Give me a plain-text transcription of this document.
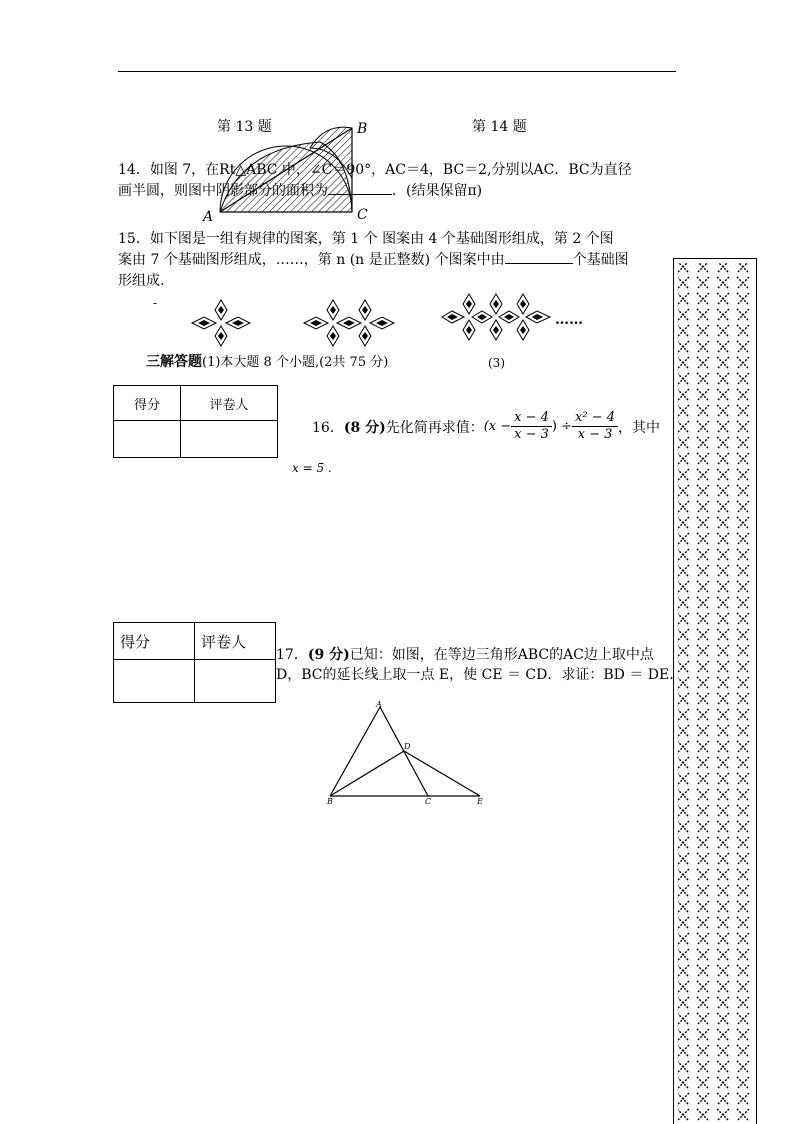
B
A	C
第 13 题	第 14 题
14．如图 7，在Rt△ABC 中，∠C＝90°，AC＝4，BC＝2,分别以AC．BC为直径
画半圆，则图中阴影部分的面积为	．(结果保留π)
15．如下图是一组有规律的图案，第 1 个 图案由 4 个基础图形组成，第 2 个图
案由 7 个基础图形组成，……，第 n (n 是正整数) 个图案中由	个基础图
形组成.
-
……
三解答题(1)本大题 8 个小题,(2共 75 分)	(3)
得分	评卷人

16． (8 分) 先化简再求值： ($x - \frac{x - 4}{x - 3}$ ) ÷ $\frac{\text{x² − 4}}{x - 3}$ ，其中
x = 5 .
得分	评卷人

17．(9 分)已知：如图，在等边三角形ABC的AC边上取中点
D，BC的延长线上取一点 E，使 CE ＝ CD．求证：BD ＝ DE.
A
D
B	C	E
